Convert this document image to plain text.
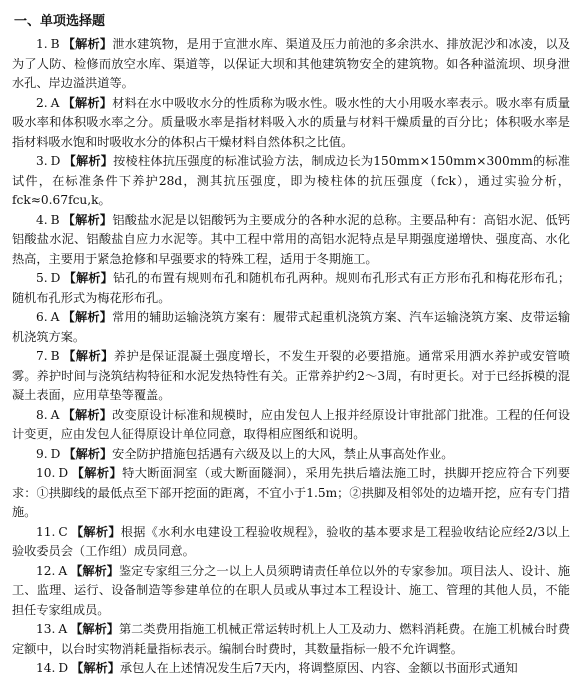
一、单项选择题

1. B 【解析】泄水建筑物，是用于宣泄水库、渠道及压力前池的多余洪水、排放泥沙和冰凌，以及为了人防、检修而放空水库、渠道等，以保证大坝和其他建筑物安全的建筑物。如各种溢流坝、坝身泄水孔、岸边溢洪道等。

2. A 【解析】材料在水中吸收水分的性质称为吸水性。吸水性的大小用吸水率表示。吸水率有质量吸水率和体积吸水率之分。质量吸水率是指材料吸入水的质量与材料干燥质量的百分比；体积吸水率是指材料吸水饱和时吸收水分的体积占干燥材料自然体积之比值。

3. D 【解析】按棱柱体抗压强度的标准试验方法，制成边长为150mm×150mm×300mm的标准试件，在标准条件下养护28d，测其抗压强度，即为棱柱体的抗压强度（fck），通过实验分析，fck≈0.67fcu,k。

4. B 【解析】铝酸盐水泥是以铝酸钙为主要成分的各种水泥的总称。主要品种有：高铝水泥、低钙铝酸盐水泥、铝酸盐自应力水泥等。其中工程中常用的高铝水泥特点是早期强度递增快、强度高、水化热高，主要用于紧急抢修和早强要求的特殊工程，适用于冬期施工。

5. D 【解析】钻孔的布置有规则布孔和随机布孔两种。规则布孔形式有正方形布孔和梅花形布孔；随机布孔形式为梅花形布孔。

6. A 【解析】常用的辅助运输浇筑方案有：履带式起重机浇筑方案、汽车运输浇筑方案、皮带运输机浇筑方案。

7. B 【解析】养护是保证混凝土强度增长，不发生开裂的必要措施。通常采用洒水养护或安管喷雾。养护时间与浇筑结构特征和水泥发热特性有关。正常养护约2～3周，有时更长。对于已经拆模的混凝土表面，应用草垫等覆盖。

8. A 【解析】改变原设计标准和规模时，应由发包人上报并经原设计审批部门批准。工程的任何设计变更，应由发包人征得原设计单位同意，取得相应图纸和说明。

9. D 【解析】安全防护措施包括遇有六级及以上的大风，禁止从事高处作业。

10. D 【解析】特大断面洞室（或大断面隧洞），采用先拱后墙法施工时，拱脚开挖应符合下列要求：①拱脚线的最低点至下部开挖面的距离，不宜小于1.5m；②拱脚及相邻处的边墙开挖，应有专门措施。

11. C 【解析】根据《水利水电建设工程验收规程》，验收的基本要求是工程验收结论应经2/3以上验收委员会（工作组）成员同意。

12. A 【解析】鉴定专家组三分之一以上人员须聘请责任单位以外的专家参加。项目法人、设计、施工、监理、运行、设备制造等参建单位的在职人员或从事过本工程设计、施工、管理的其他人员，不能担任专家组成员。

13. A 【解析】第二类费用指施工机械正常运转时机上人工及动力、燃料消耗费。在施工机械台时费定额中，以台时实物消耗量指标表示。编制台时费时，其数量指标一般不允许调整。

14. D 【解析】承包人在上述情况发生后7天内，将调整原因、内容、金额以书面形式通知
